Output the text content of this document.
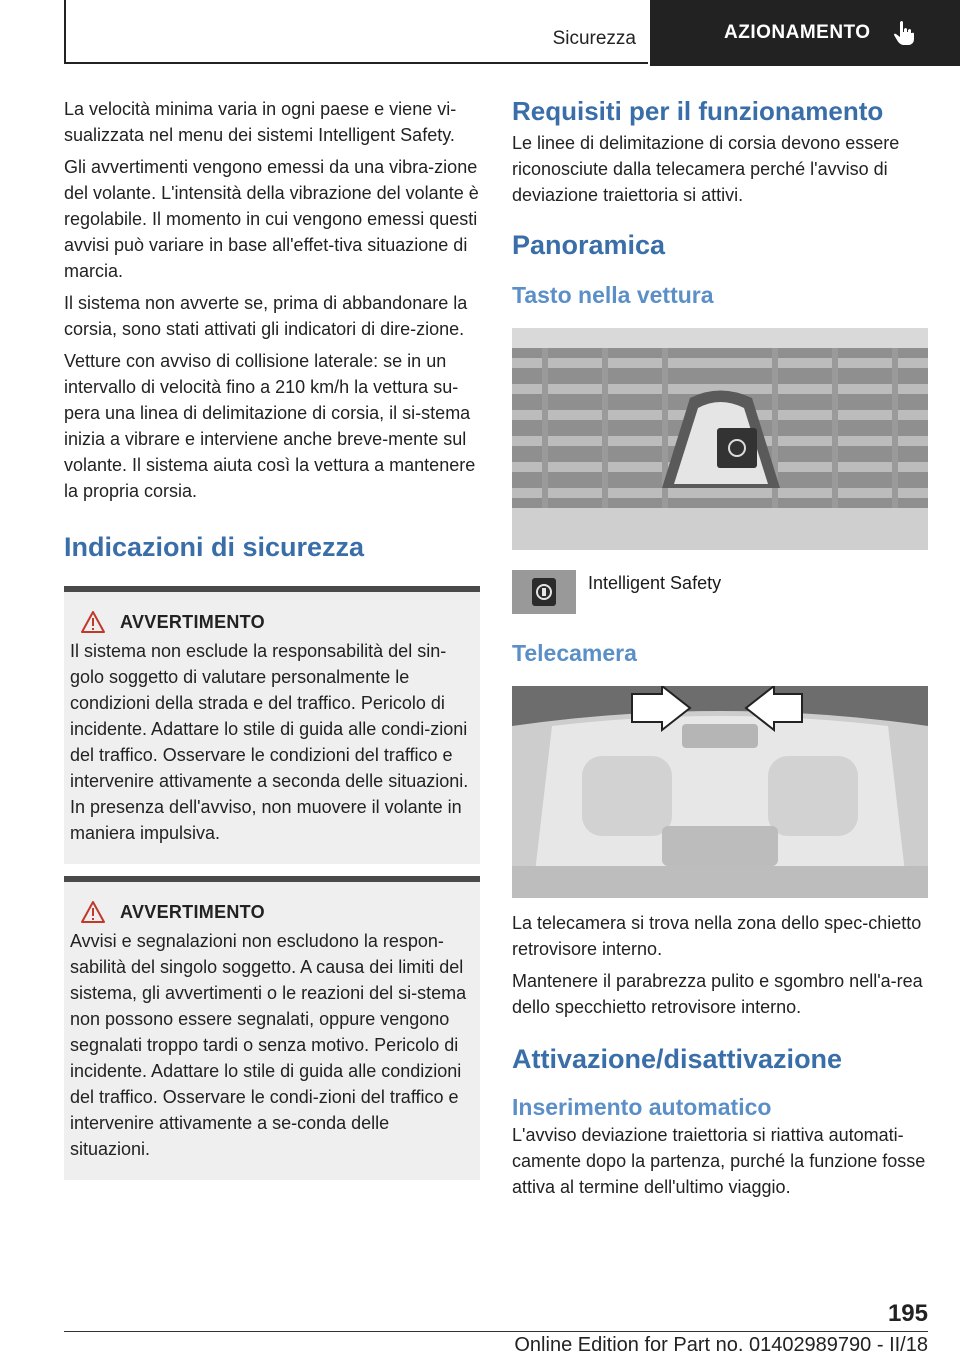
Sicurezza	AZIONAMENTO

La velocità minima varia in ogni paese e viene vi-sualizzata nel menu dei sistemi Intelligent Safety.

Gli avvertimenti vengono emessi da una vibra-zione del volante. L'intensità della vibrazione del volante è regolabile. Il momento in cui vengono emessi questi avvisi può variare in base all'effet-tiva situazione di marcia.

Il sistema non avverte se, prima di abbandonare la corsia, sono stati attivati gli indicatori di dire-zione.

Vetture con avviso di collisione laterale: se in un intervallo di velocità fino a 210 km/h la vettura su-pera una linea di delimitazione di corsia, il si-stema inizia a vibrare e interviene anche breve-mente sul volante. Il sistema aiuta così la vettura a mantenere la propria corsia.

Indicazioni di sicurezza
AVVERTIMENTO

Il sistema non esclude la responsabilità del sin-golo soggetto di valutare personalmente le condizioni della strada e del traffico. Pericolo di incidente. Adattare lo stile di guida alle condi-zioni del traffico. Osservare le condizioni del traffico e intervenire attivamente a seconda delle situazioni. In presenza dell'avviso, non muovere il volante in maniera impulsiva.

AVVERTIMENTO

Avvisi e segnalazioni non escludono la respon-sabilità del singolo soggetto. A causa dei limiti del sistema, gli avvertimenti o le reazioni del si-stema non possono essere segnalati, oppure vengono segnalati troppo tardi o senza motivo. Pericolo di incidente. Adattare lo stile di guida alle condizioni del traffico. Osservare le condi-zioni del traffico e intervenire attivamente a se-conda delle situazioni.

Requisiti per il funzionamento

Le linee di delimitazione di corsia devono essere riconosciute dalla telecamera perché l'avviso di deviazione traiettoria si attivi.

Panoramica
Tasto nella vettura
Intelligent Safety
Telecamera

La telecamera si trova nella zona dello spec-chietto retrovisore interno.

Mantenere il parabrezza pulito e sgombro nell'a-rea dello specchietto retrovisore interno.

Attivazione/disattivazione
Inserimento automatico

L'avviso deviazione traiettoria si riattiva automati-camente dopo la partenza, purché la funzione fosse attiva al termine dell'ultimo viaggio.

195
Online Edition for Part no. 01402989790 - II/18
